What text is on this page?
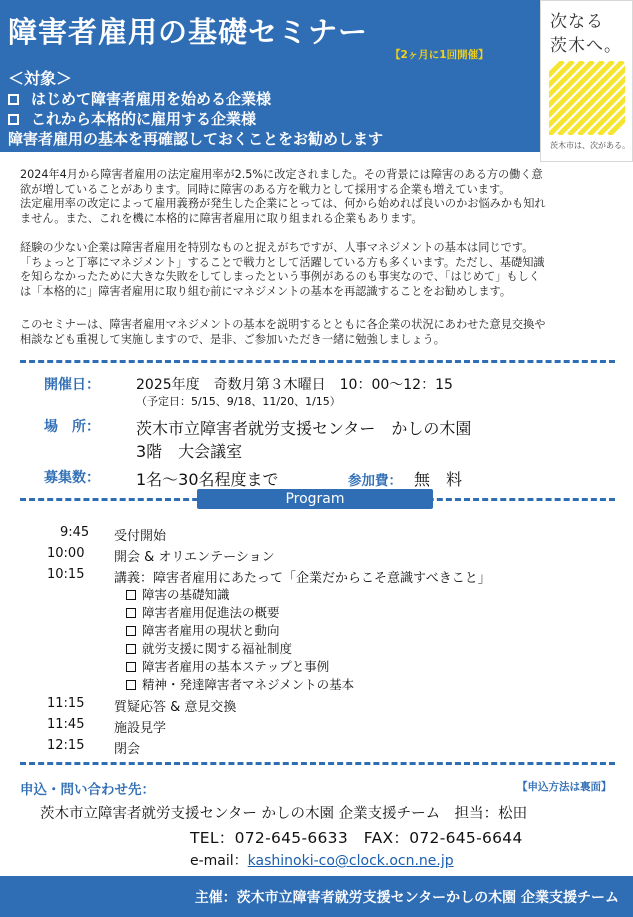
障害者雇用の基礎セミナー
【2ヶ月に1回開催】
＜対象＞
はじめて障害者雇用を始める企業様
これから本格的に雇用する企業様
障害者雇用の基本を再確認しておくことをお勧めします
次なる
茨木へ。
茨木市は、次がある。

2024年4月から障害者雇用の法定雇用率が2.5%に改定されました。その背景には障害のある方の働く意

欲が増していることがあります。同時に障害のある方を戦力として採用する企業も増えています。

法定雇用率の改定によって雇用義務が発生した企業にとっては、何から始めれば良いのかお悩みかも知れ

ません。また、これを機に本格的に障害者雇用に取り組まれる企業もあります。

経験の少ない企業は障害者雇用を特別なものと捉えがちですが、人事マネジメントの基本は同じです。

「ちょっと丁寧にマネジメント」することで戦力として活躍している方も多くいます。ただし、基礎知識

を知らなかったために大きな失敗をしてしまったという事例があるのも事実なので、「はじめて」もしく

は「本格的に」障害者雇用に取り組む前にマネジメントの基本を再認識することをお勧めします。

このセミナーは、障害者雇用マネジメントの基本を説明するとともに各企業の状況にあわせた意見交換や

相談なども重視して実施しますので、是非、ご参加いただき一緒に勉強しましょう。

開催日：	2025年度　奇数月第３木曜日　10：00～12：15
（予定日：5/15、9/18、11/20、1/15）
場　所： 茨木市立障害者就労支援センター　かしの木園
3階　大会議室
募集数： 1名～30名程度まで	参加費： 無　料
Program
9:45 受付開始
10:00 開会 & オリエンテーション
10:15 講義：障害者雇用にあたって「企業だからこそ意識すべきこと」
障害の基礎知識
障害者雇用促進法の概要
障害者雇用の現状と動向
就労支援に関する福祉制度
障害者雇用の基本ステップと事例
精神・発達障害者マネジメントの基本
11:15 質疑応答 & 意見交換
11:45 施設見学
12:15 閉会
申込・問い合わせ先：	【申込方法は裏面】
茨木市立障害者就労支援センター かしの木園 企業支援チーム　担当：松田
TEL：072-645-6633　FAX：072-645-6644
e-mail：kashinoki-co@clock.ocn.ne.jp
主催：茨木市立障害者就労支援センターかしの木園 企業支援チーム
